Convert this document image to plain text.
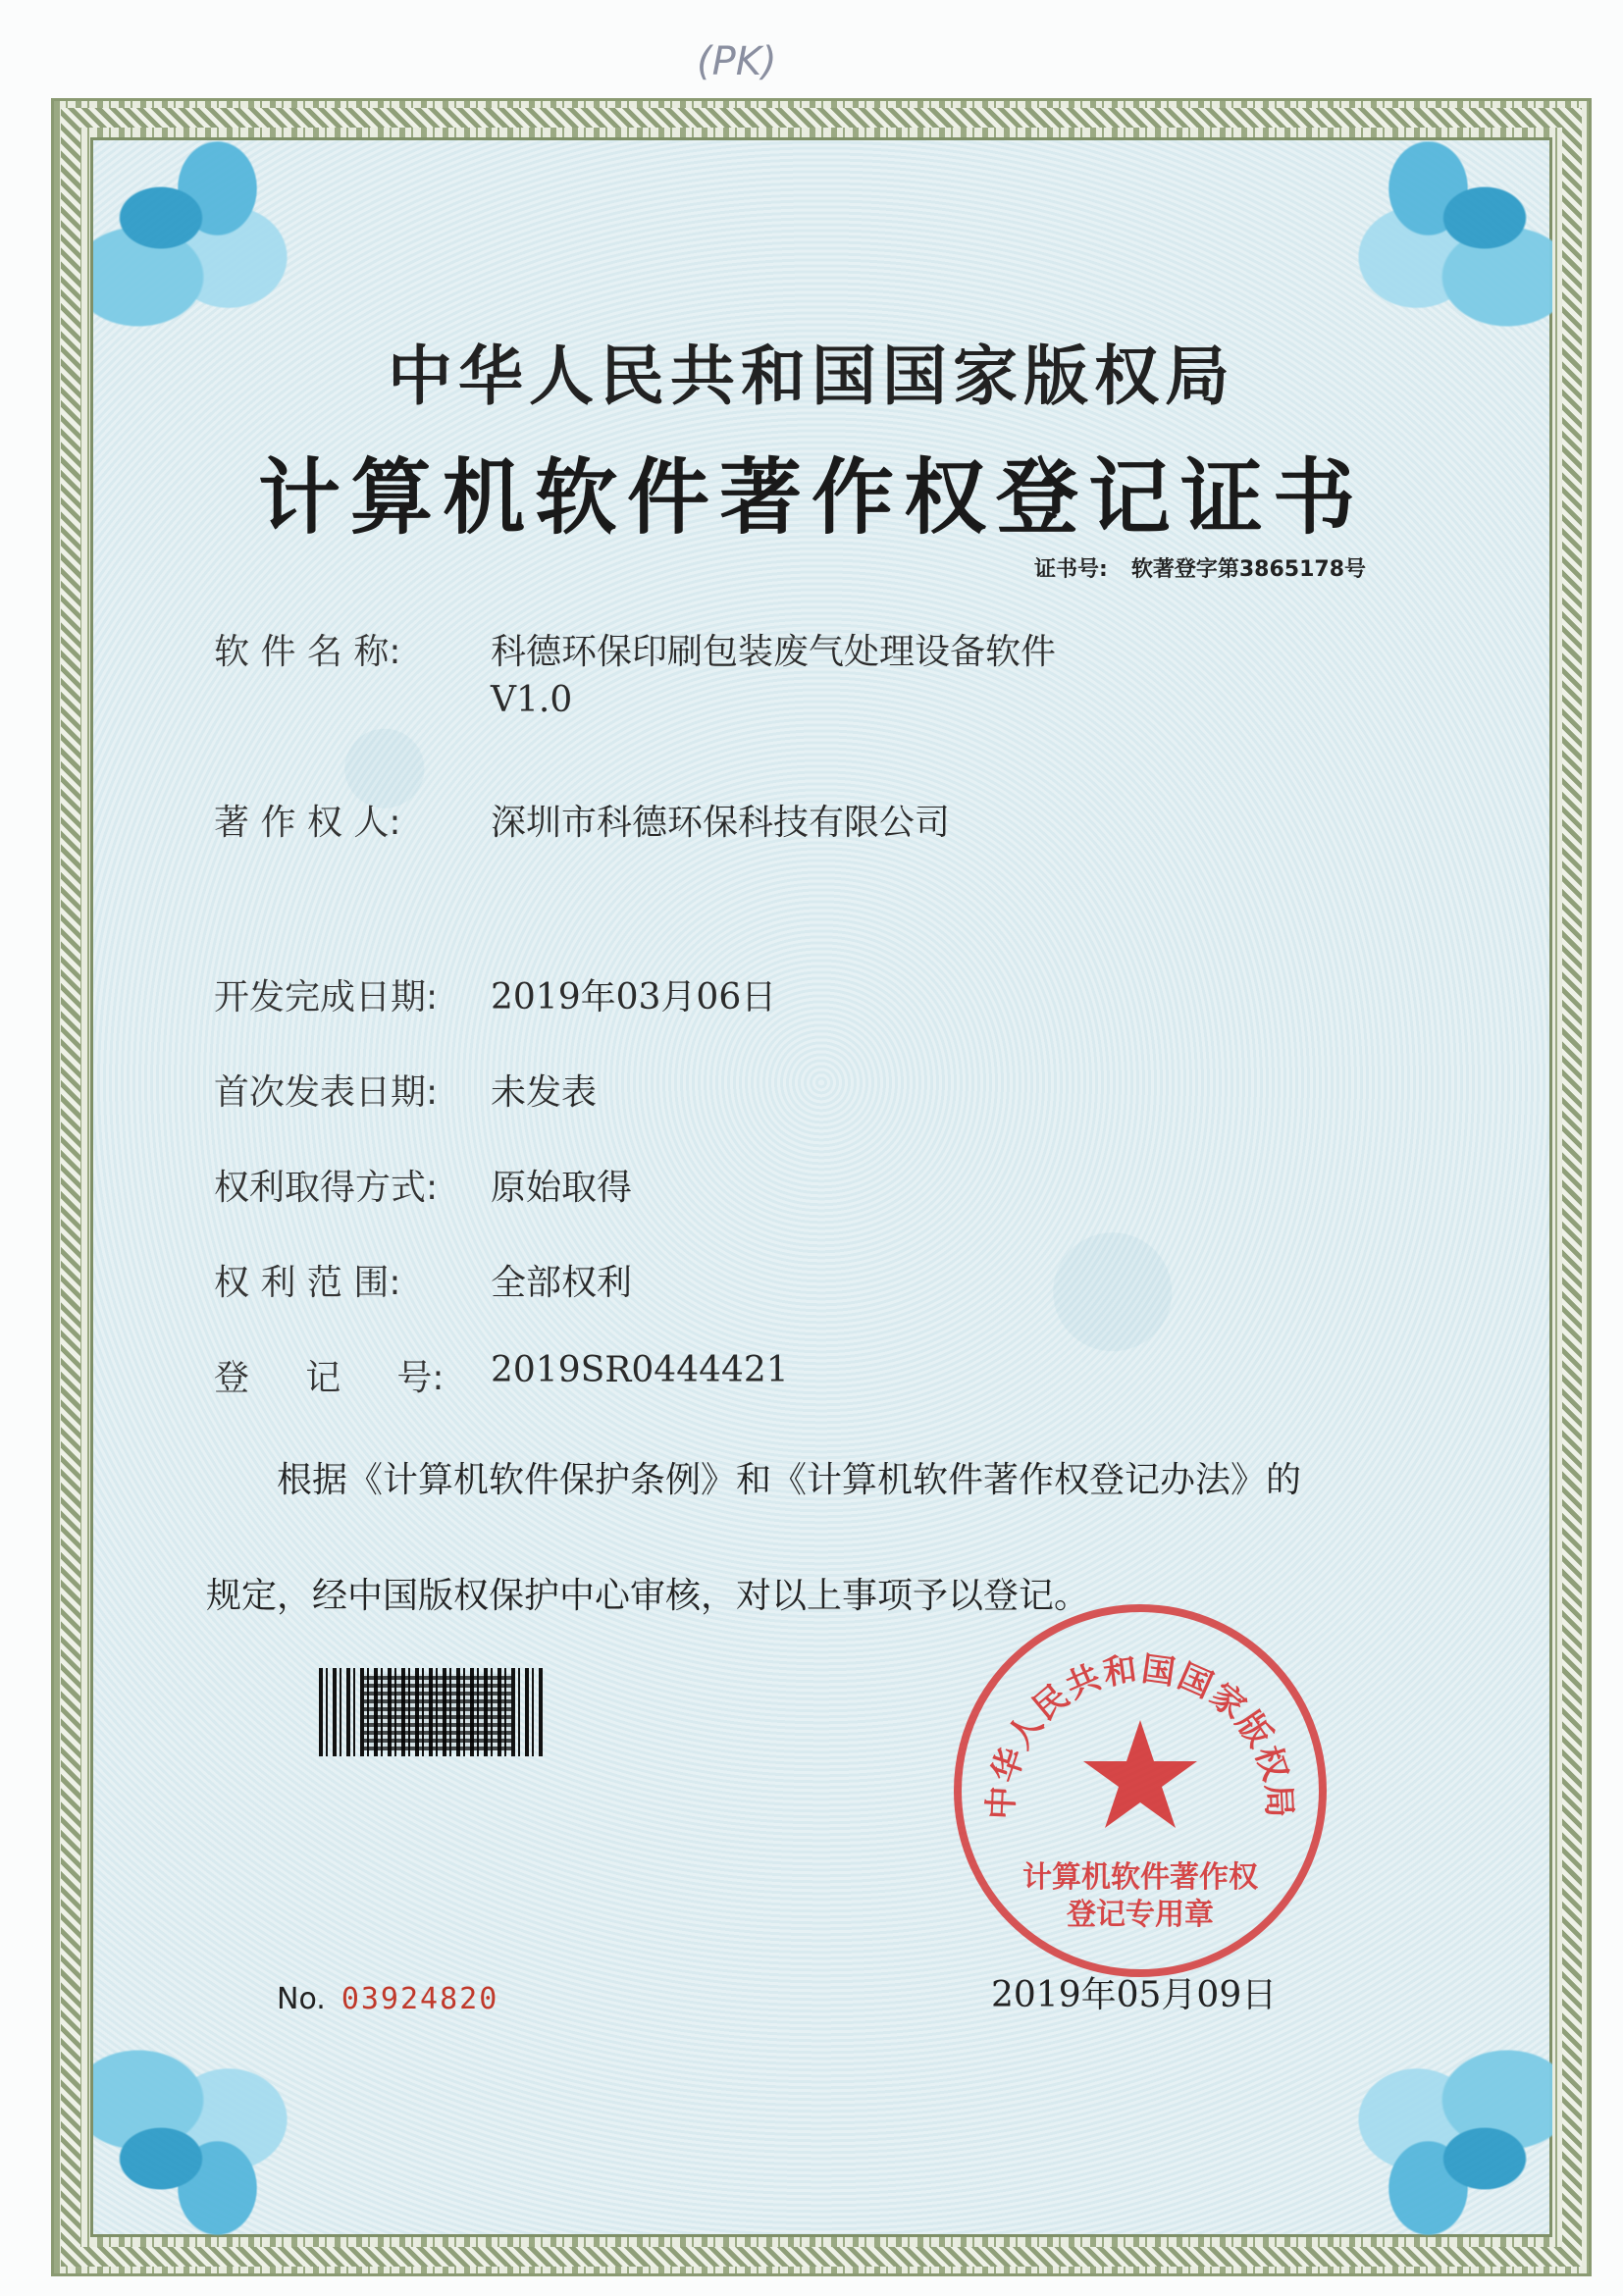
(PK)
中华人民共和国国家版权局
计算机软件著作权登记证书
证书号: 软著登字第3865178号
软 件 名 称:	科德环保印刷包装废气处理设备软件
V1.0
著 作 权 人:	深圳市科德环保科技有限公司
开发完成日期: 2019年03月06日
首次发表日期: 未发表
权利取得方式: 原始取得
权 利 范 围:	全部权利
登     记     号: 2019SR0444421
根据《计算机软件保护条例》和《计算机软件著作权登记办法》的
规定，经中国版权保护中心审核，对以上事项予以登记。
中华人民共和国国家版权局
计算机软件著作权
登记专用章
No. 03924820	2019年05月09日
